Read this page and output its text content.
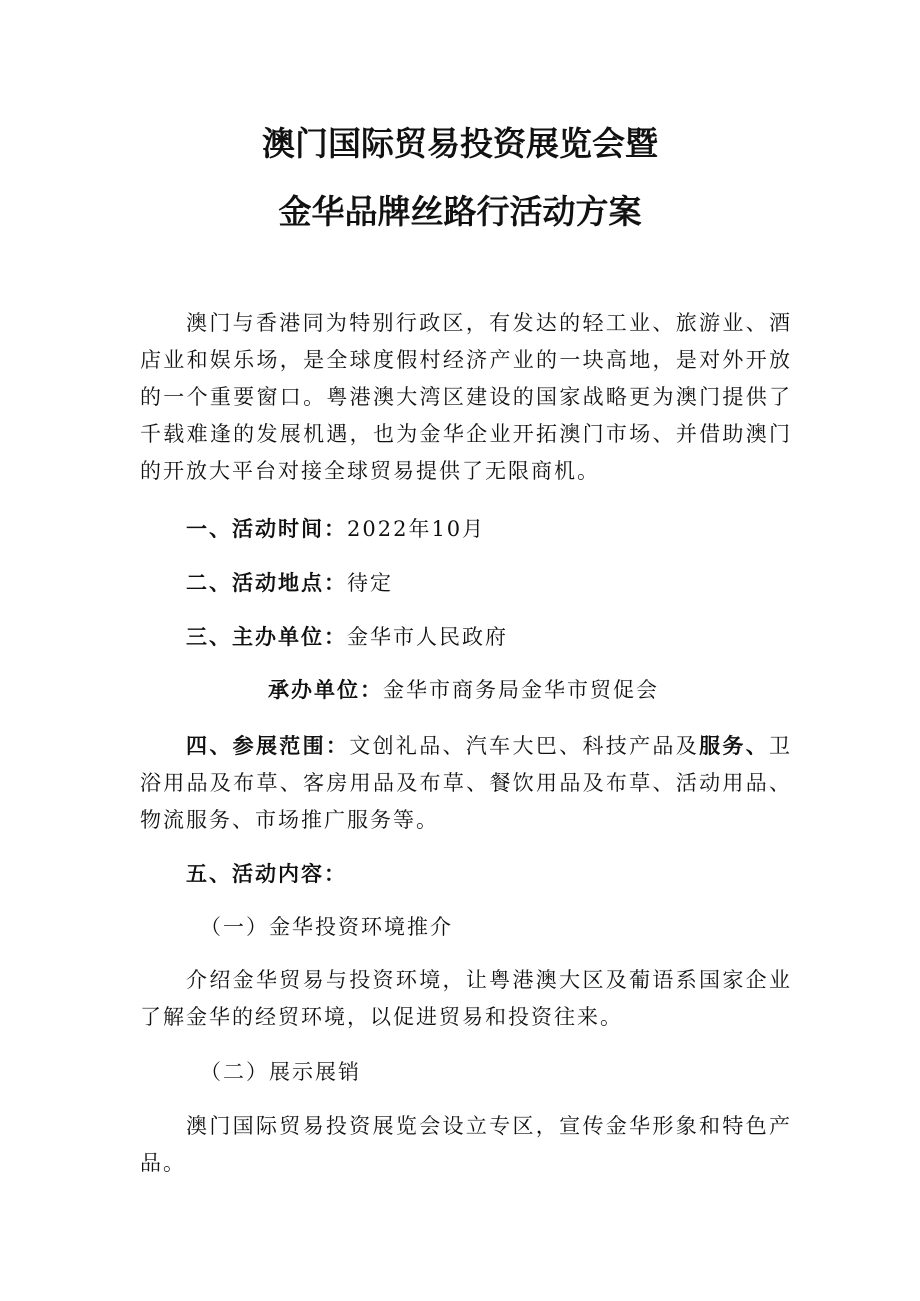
澳门国际贸易投资展览会暨
金华品牌丝路行活动方案

澳门与香港同为特别行政区，有发达的轻工业、旅游业、酒店业和娱乐场，是全球度假村经济产业的一块高地，是对外开放的一个重要窗口。粤港澳大湾区建设的国家战略更为澳门提供了千载难逢的发展机遇，也为金华企业开拓澳门市场、并借助澳门的开放大平台对接全球贸易提供了无限商机。

一、活动时间：2022年10月
二、活动地点：待定
三、主办单位：金华市人民政府
承办单位：金华市商务局金华市贸促会

四、参展范围：文创礼品、汽车大巴、科技产品及服务、卫浴用品及布草、客房用品及布草、餐饮用品及布草、活动用品、物流服务、市场推广服务等。

五、活动内容：
（一）金华投资环境推介

介绍金华贸易与投资环境，让粤港澳大区及葡语系国家企业了解金华的经贸环境，以促进贸易和投资往来。

（二）展示展销

澳门国际贸易投资展览会设立专区，宣传金华形象和特色产品。
